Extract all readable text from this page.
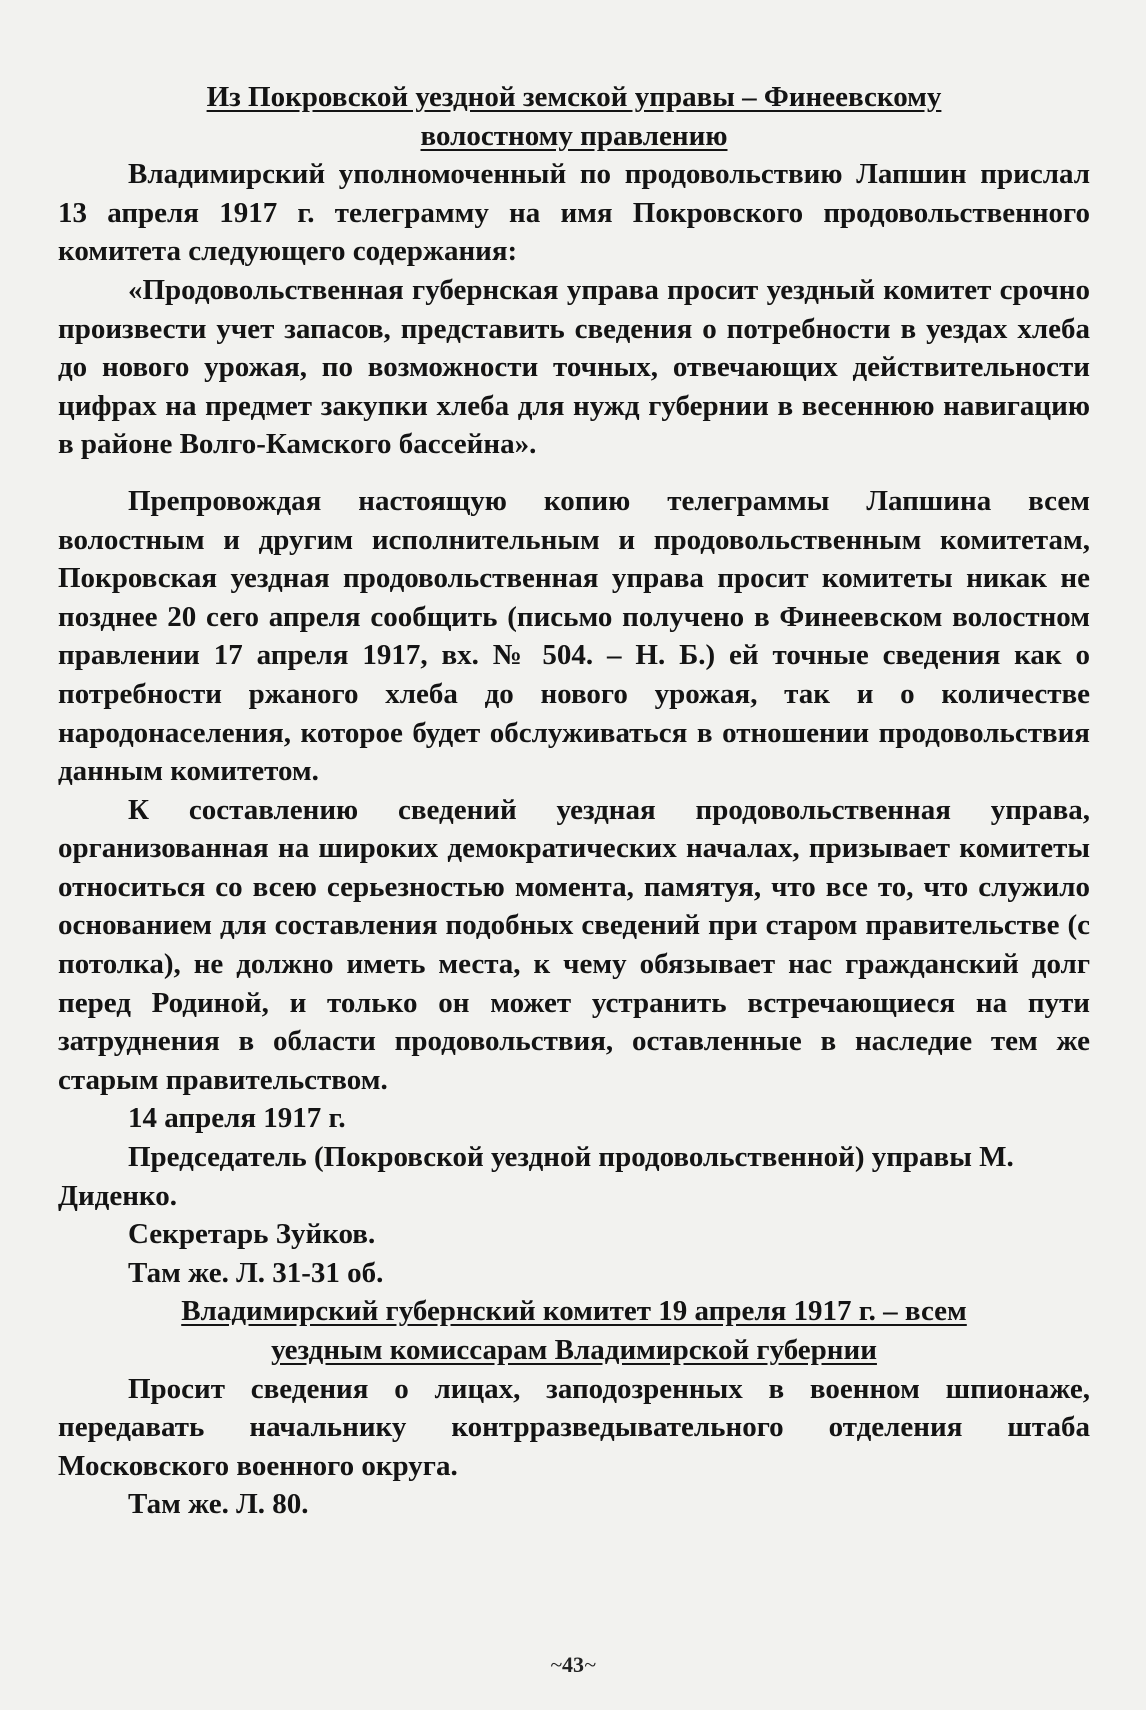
Из Покровской уездной земской управы – Финеевскому волостному правлению

Владимирский уполномоченный по продовольствию Лапшин прислал 13 апреля 1917 г. телеграмму на имя Покровского продовольственного комитета следующего содержания:

«Продовольственная губернская управа просит уездный комитет срочно произвести учет запасов, представить сведения о потребности в уездах хлеба до нового урожая, по возможности точных, отвечающих действительности цифрах на предмет закупки хлеба для нужд губернии в весеннюю навигацию в районе Волго-Камского бассейна».

Препровождая настоящую копию телеграммы Лапшина всем волостным и другим исполнительным и продовольственным комитетам, Покровская уездная продовольственная управа просит комитеты никак не позднее 20 сего апреля сообщить (письмо получено в Финеевском волостном правлении 17 апреля 1917, вх. № 504. – Н. Б.) ей точные сведения как о потребности ржаного хлеба до нового урожая, так и о количестве народонаселения, которое будет обслуживаться в отношении продовольствия данным комитетом.

К составлению сведений уездная продовольственная управа, организованная на широких демократических началах, призывает комитеты относиться со всею серьезностью момента, памятуя, что все то, что служило основанием для составления подобных сведений при старом правительстве (с потолка), не должно иметь места, к чему обязывает нас гражданский долг перед Родиной, и только он может устранить встречающиеся на пути затруднения в области продовольствия, оставленные в наследие тем же старым правительством.

14 апреля 1917 г.

Председатель (Покровской уездной продовольственной) управы М. Диденко.

Секретарь Зуйков.
Там же. Л. 31-31 об.
Владимирский губернский комитет 19 апреля 1917 г. – всем уездным комиссарам Владимирской губернии

Просит сведения о лицах, заподозренных в военном шпионаже, передавать начальнику контрразведывательного отделения штаба Московского военного округа.

Там же. Л. 80.
~43~
